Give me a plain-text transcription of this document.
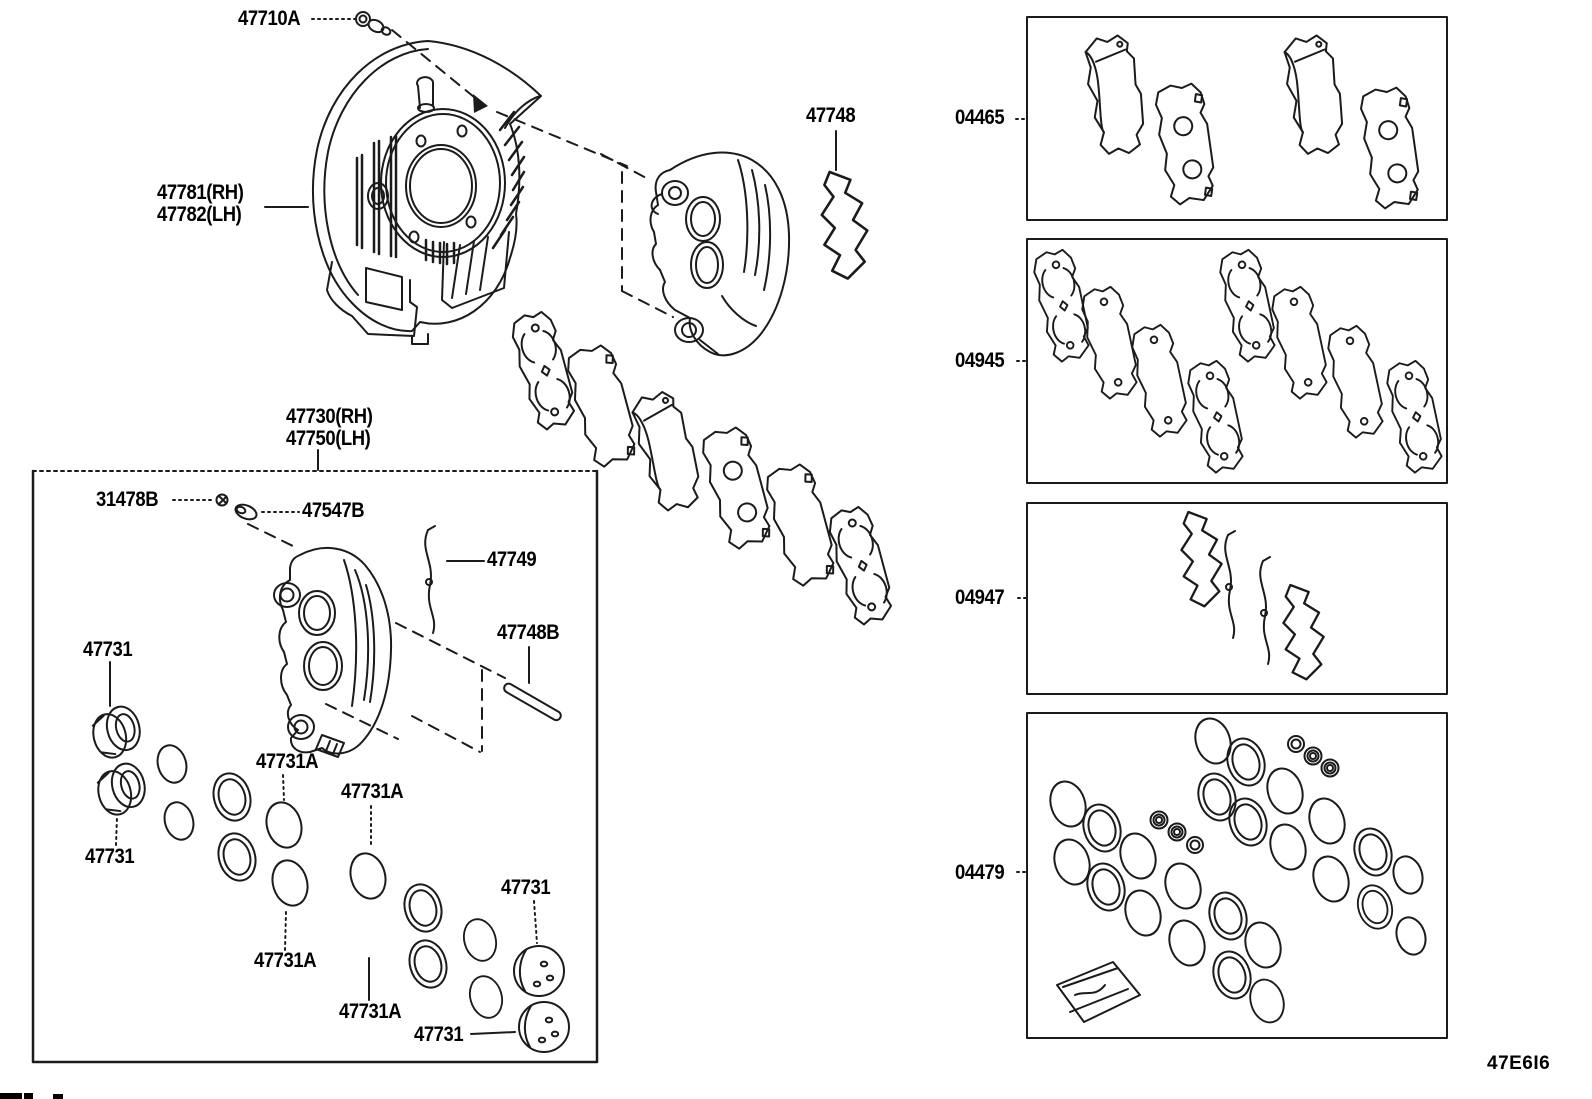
47710A
47781(RH)
47782(LH)
47748
47730(RH)
47750(LH)
31478B	47547B
47749
47748B
47731
47731
47731
47731
47731A
47731A
47731A
47731A
04465
04945
04947
04479
47E6I6
